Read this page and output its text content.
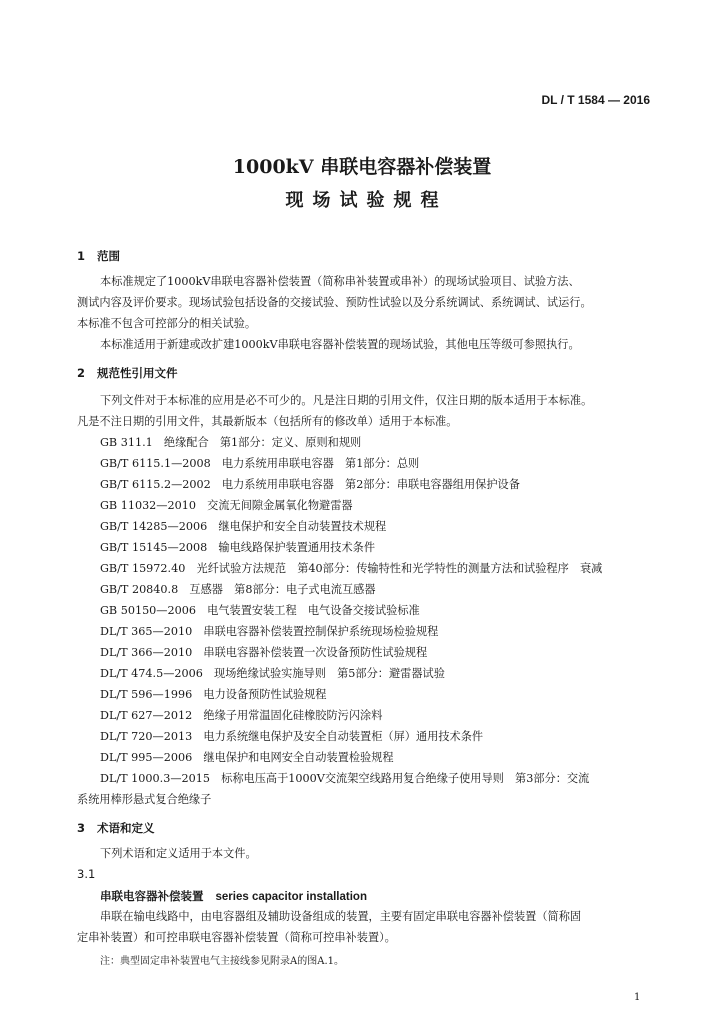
DL / T 1584 — 2016
1000kV 串联电容器补偿装置
现场试验规程
1 范围
本标准规定了1000kV串联电容器补偿装置（简称串补装置或串补）的现场试验项目、试验方法、
测试内容及评价要求。现场试验包括设备的交接试验、预防性试验以及分系统调试、系统调试、试运行。
本标准不包含可控部分的相关试验。
本标准适用于新建或改扩建1000kV串联电容器补偿装置的现场试验，其他电压等级可参照执行。
2 规范性引用文件
下列文件对于本标准的应用是必不可少的。凡是注日期的引用文件，仅注日期的版本适用于本标准。
凡是不注日期的引用文件，其最新版本（包括所有的修改单）适用于本标准。
GB 311.1　绝缘配合　第1部分：定义、原则和规则
GB/T 6115.1—2008　电力系统用串联电容器　第1部分：总则
GB/T 6115.2—2002　电力系统用串联电容器　第2部分：串联电容器组用保护设备
GB 11032—2010　交流无间隙金属氧化物避雷器
GB/T 14285—2006　继电保护和安全自动装置技术规程
GB/T 15145—2008　输电线路保护装置通用技术条件
GB/T 15972.40　光纤试验方法规范　第40部分：传输特性和光学特性的测量方法和试验程序　衰减
GB/T 20840.8　互感器　第8部分：电子式电流互感器
GB 50150—2006　电气装置安装工程　电气设备交接试验标准
DL/T 365—2010　串联电容器补偿装置控制保护系统现场检验规程
DL/T 366—2010　串联电容器补偿装置一次设备预防性试验规程
DL/T 474.5—2006　现场绝缘试验实施导则　第5部分：避雷器试验
DL/T 596—1996　电力设备预防性试验规程
DL/T 627—2012　绝缘子用常温固化硅橡胶防污闪涂料
DL/T 720—2013　电力系统继电保护及安全自动装置柜（屏）通用技术条件
DL/T 995—2006　继电保护和电网安全自动装置检验规程
DL/T 1000.3—2015　标称电压高于1000V交流架空线路用复合绝缘子使用导则　第3部分：交流
系统用棒形悬式复合绝缘子
3 术语和定义
下列术语和定义适用于本文件。
3.1
串联电容器补偿装置 series capacitor installation
串联在输电线路中，由电容器组及辅助设备组成的装置，主要有固定串联电容器补偿装置（简称固
定串补装置）和可控串联电容器补偿装置（简称可控串补装置）。
注：典型固定串补装置电气主接线参见附录A的图A.1。
1
